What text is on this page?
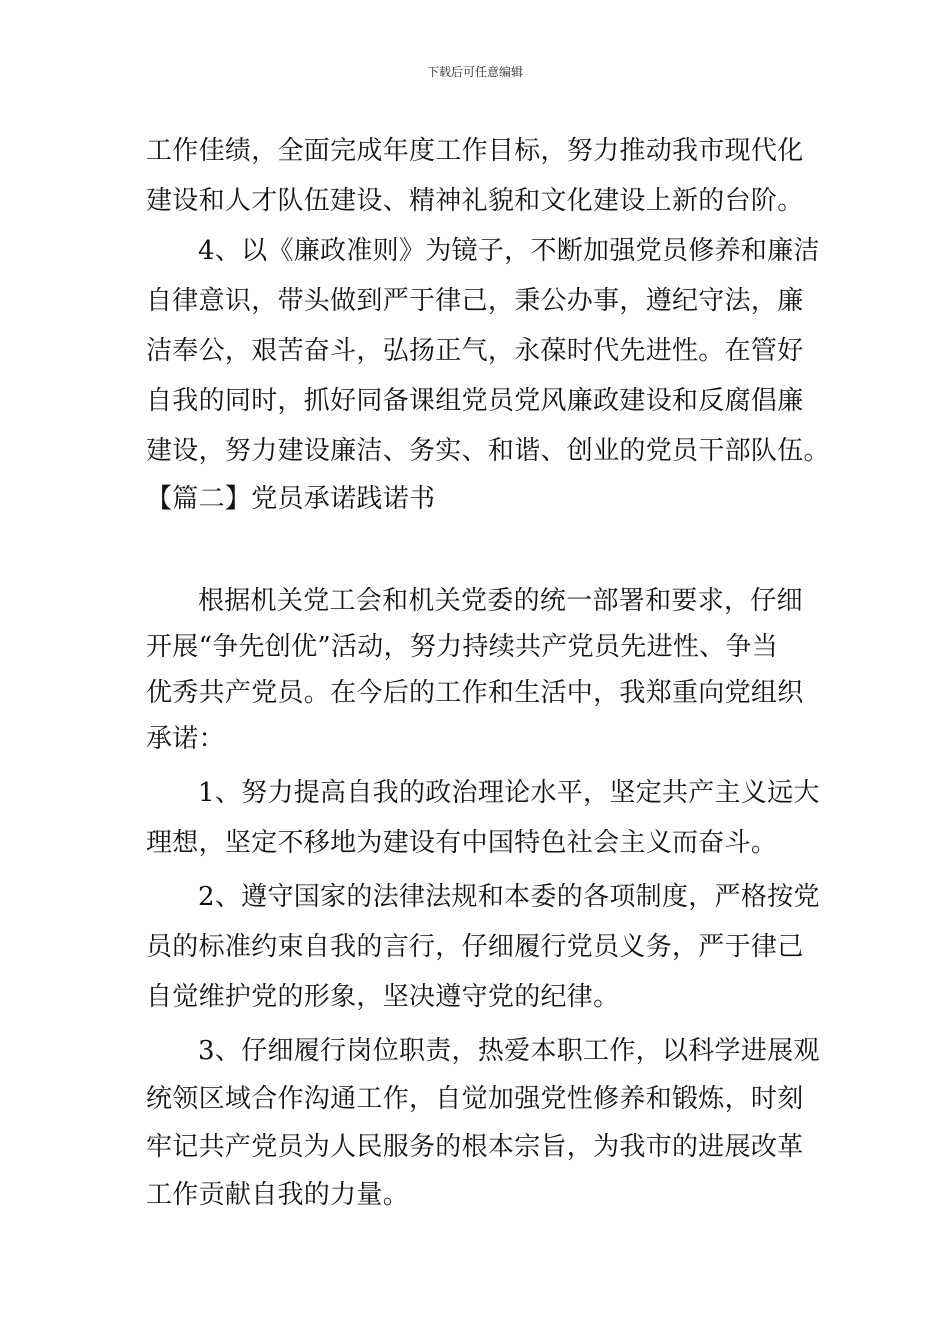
下载后可任意编辑
工作佳绩，全面完成年度工作目标，努力推动我市现代化
建设和人才队伍建设、精神礼貌和文化建设上新的台阶。
4、以《廉政准则》为镜子，不断加强党员修养和廉洁
自律意识，带头做到严于律己，秉公办事，遵纪守法，廉
洁奉公，艰苦奋斗，弘扬正气，永葆时代先进性。在管好
自我的同时，抓好同备课组党员党风廉政建设和反腐倡廉
建设，努力建设廉洁、务实、和谐、创业的党员干部队伍。
【篇二】党员承诺践诺书
根据机关党工会和机关党委的统一部署和要求，仔细
开展“争先创优”活动，努力持续共产党员先进性、争当
优秀共产党员。在今后的工作和生活中，我郑重向党组织
承诺：
1、努力提高自我的政治理论水平，坚定共产主义远大
理想，坚定不移地为建设有中国特色社会主义而奋斗。
2、遵守国家的法律法规和本委的各项制度，严格按党
员的标准约束自我的言行，仔细履行党员义务，严于律己
自觉维护党的形象，坚决遵守党的纪律。
3、仔细履行岗位职责，热爱本职工作，以科学进展观
统领区域合作沟通工作，自觉加强党性修养和锻炼，时刻
牢记共产党员为人民服务的根本宗旨，为我市的进展改革
工作贡献自我的力量。
